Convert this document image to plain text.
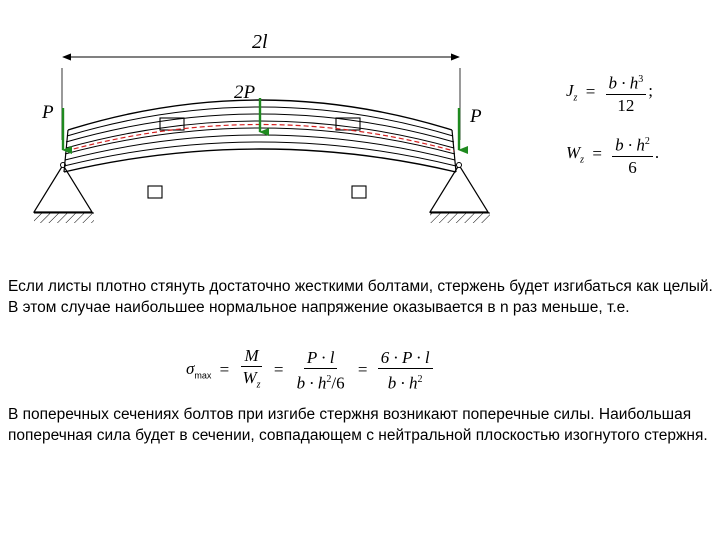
2l
P
2P
P
$J_z = \frac{b \cdot h^3}{12}$ ;
$W_z = \frac{b \cdot h^2}{6}$ .

Если листы плотно стянуть достаточно жесткими болтами, стержень будет изгибаться как целый. В этом случае наибольшее нормальное напряжение оказывается в n раз меньше, т.е.

$\sigma_{max} = \frac{M}{W_z} = \frac{P \cdot l}{b \cdot h^2/6} = \frac{6 \cdot P \cdot l}{b \cdot h^2}$

В поперечных сечениях болтов при изгибе стержня возникают поперечные силы. Наибольшая поперечная сила будет в сечении, совпадающем с нейтральной плоскостью изогнутого стержня.
